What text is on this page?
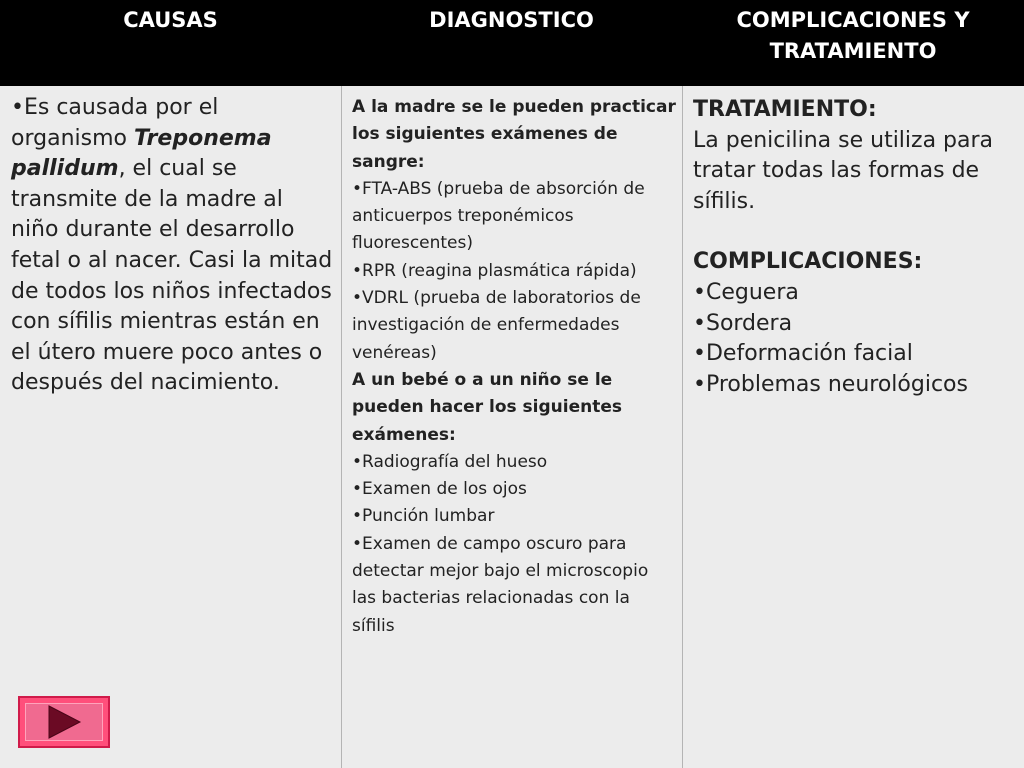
CAUSAS	DIAGNOSTICO	COMPLICACIONES Y
TRATAMIENTO
•Es causada por el organismo Treponema pallidum, el cual se transmite de la madre al niño durante el desarrollo fetal o al nacer. Casi la mitad de todos los niños infectados con sífilis mientras están en el útero muere poco antes o después del nacimiento.
A la madre se le pueden practicar los siguientes exámenes de sangre:
•FTA-ABS (prueba de absorción de anticuerpos treponémicos fluorescentes)
•RPR (reagina plasmática rápida)
•VDRL (prueba de laboratorios de investigación de enfermedades venéreas)
A un bebé o a un niño se le pueden hacer los siguientes exámenes:
•Radiografía del hueso
•Examen de los ojos
•Punción lumbar
•Examen de campo oscuro para detectar mejor bajo el microscopio las bacterias relacionadas con la sífilis
TRATAMIENTO:
La penicilina se utiliza para tratar todas las formas de sífilis.
COMPLICACIONES:
•Ceguera
•Sordera
•Deformación facial
•Problemas neurológicos
